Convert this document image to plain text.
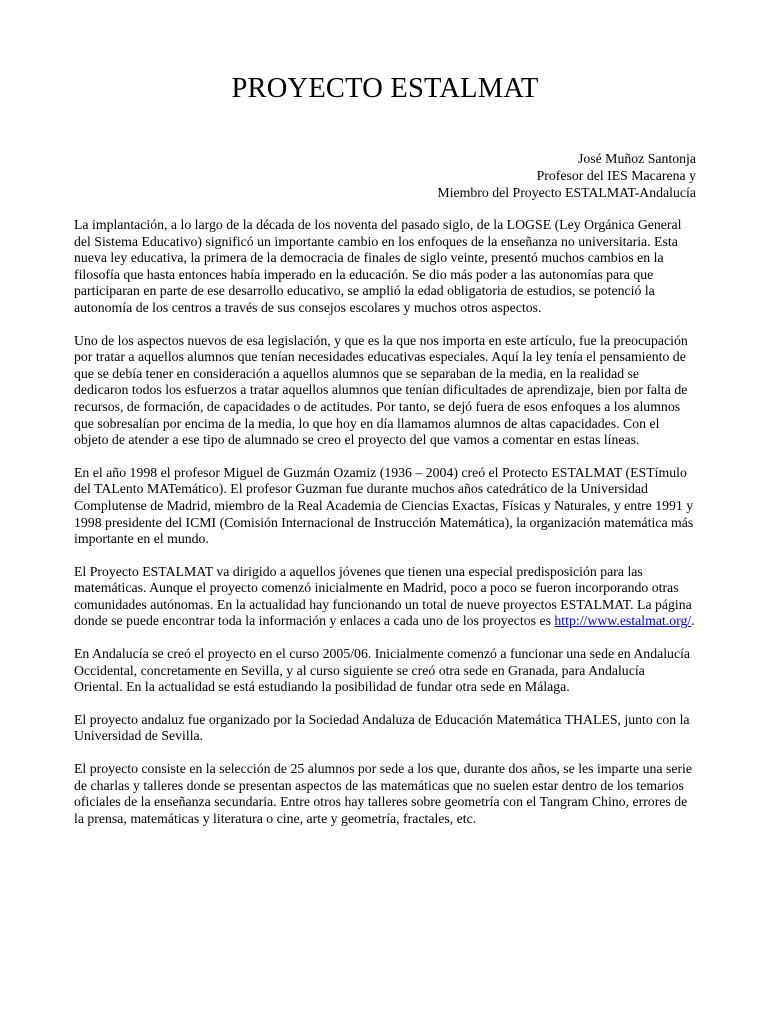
PROYECTO ESTALMAT
José Muñoz Santonja
Profesor del IES Macarena y
Miembro del Proyecto ESTALMAT-Andalucía

La implantación, a lo largo de la década de los noventa del pasado siglo, de la LOGSE (Ley Orgánica General del Sistema Educativo) significó un importante cambio en los enfoques de la enseñanza no universitaria. Esta nueva ley educativa, la primera de la democracia de finales de siglo veinte, presentó muchos cambios en la filosofía que hasta entonces había imperado en la educación. Se dio más poder a las autonomías para que participaran en parte de ese desarrollo educativo, se amplió la edad obligatoria de estudios, se potenció la autonomía de los centros a través de sus consejos escolares y muchos otros aspectos.

Uno de los aspectos nuevos de esa legislación, y que es la que nos importa en este artículo, fue la preocupación por tratar a aquellos alumnos que tenían necesidades educativas especiales. Aquí la ley tenía el pensamiento de que se debía tener en consideración a aquellos alumnos que se separaban de la media, en la realidad se dedicaron todos los esfuerzos a tratar aquellos alumnos que tenían dificultades de aprendizaje, bien por falta de recursos, de formación, de capacidades o de actitudes. Por tanto, se dejó fuera de esos enfoques a los alumnos que sobresalían por encima de la media, lo que hoy en día llamamos alumnos de altas capacidades. Con el objeto de atender a ese tipo de alumnado se creo el proyecto del que vamos a comentar en estas líneas.

En el año 1998 el profesor Miguel de Guzmán Ozamiz (1936 – 2004) creó el Protecto ESTALMAT (ESTímulo del TALento MATemático). El profesor Guzman fue durante muchos años catedrático de la Universidad Complutense de Madrid, miembro de la Real Academia de Ciencias Exactas, Físicas y Naturales, y entre 1991 y 1998 presidente del ICMI (Comisión Internacional de Instrucción Matemática), la organización matemática más importante en el mundo.

El Proyecto ESTALMAT va dirigido a aquellos jóvenes que tienen una especial predisposición para las matemáticas. Aunque el proyecto comenzó inicialmente en Madrid, poco a poco se fueron incorporando otras comunidades autónomas. En la actualidad hay funcionando un total de nueve proyectos ESTALMAT. La página donde se puede encontrar toda la información y enlaces a cada uno de los proyectos es http://www.estalmat.org/.

En Andalucía se creó el proyecto en el curso 2005/06. Inicialmente comenzó a funcionar una sede en Andalucía Occidental, concretamente en Sevilla, y al curso siguiente se creó otra sede en Granada, para Andalucía Oriental. En la actualidad se está estudiando la posibilidad de fundar otra sede en Málaga.

El proyecto andaluz fue organizado por la Sociedad Andaluza de Educación Matemática THALES, junto con la Universidad de Sevilla.

El proyecto consiste en la selección de 25 alumnos por sede a los que, durante dos años, se les imparte una serie de charlas y talleres donde se presentan aspectos de las matemáticas que no suelen estar dentro de los temarios oficiales de la enseñanza secundaria. Entre otros hay talleres sobre geometría con el Tangram Chino, errores de la prensa, matemáticas y literatura o cine, arte y geometría, fractales, etc.
